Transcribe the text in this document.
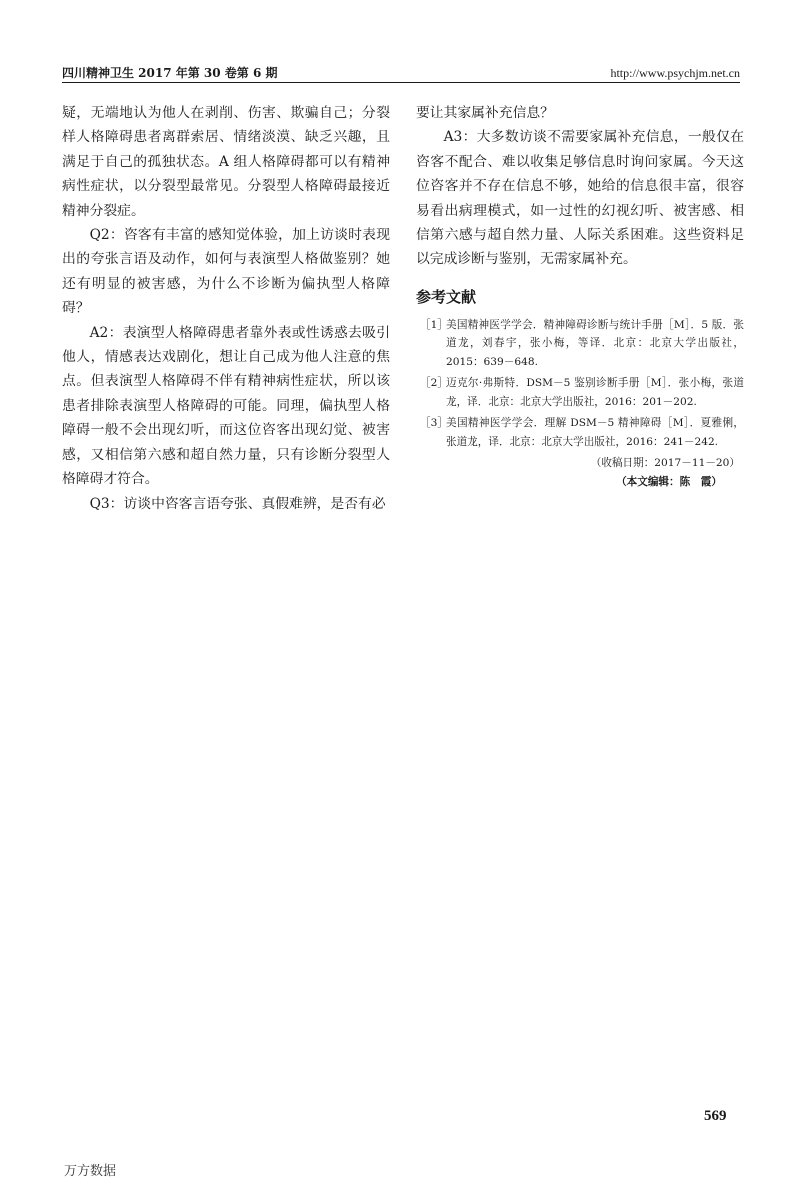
四川精神卫生 2017 年第 30 卷第 6 期	http://www.psychjm.net.cn

疑，无端地认为他人在剥削、伤害、欺骗自己；分裂样人格障碍患者离群索居、情绪淡漠、缺乏兴趣，且满足于自己的孤独状态。A 组人格障碍都可以有精神病性症状，以分裂型最常见。分裂型人格障碍最接近精神分裂症。

Q2：咨客有丰富的感知觉体验，加上访谈时表现出的夸张言语及动作，如何与表演型人格做鉴别？她还有明显的被害感，为什么不诊断为偏执型人格障碍？

A2：表演型人格障碍患者靠外表或性诱惑去吸引他人，情感表达戏剧化，想让自己成为他人注意的焦点。但表演型人格障碍不伴有精神病性症状，所以该患者排除表演型人格障碍的可能。同理，偏执型人格障碍一般不会出现幻听，而这位咨客出现幻觉、被害感，又相信第六感和超自然力量，只有诊断分裂型人格障碍才符合。

Q3：访谈中咨客言语夸张、真假难辨，是否有必

要让其家属补充信息？

A3：大多数访谈不需要家属补充信息，一般仅在咨客不配合、难以收集足够信息时询问家属。今天这位咨客并不存在信息不够，她给的信息很丰富，很容易看出病理模式，如一过性的幻视幻听、被害感、相信第六感与超自然力量、人际关系困难。这些资料足以完成诊断与鉴别，无需家属补充。

参考文献
［1］
美国精神医学学会．精神障碍诊断与统计手册［M］．5 版．张道龙，刘春宇，张小梅，等译．北京：北京大学出版社，2015：639－648.
［2］
迈克尔·弗斯特．DSM－5 鉴别诊断手册［M］．张小梅，张道龙，译．北京：北京大学出版社，2016：201－202.
［3］
美国精神医学学会．理解 DSM－5 精神障碍［M］．夏雅俐，张道龙，译．北京：北京大学出版社，2016：241－242.
（收稿日期：2017－11－20）
（本文编辑：陈　霞）
569
万方数据
